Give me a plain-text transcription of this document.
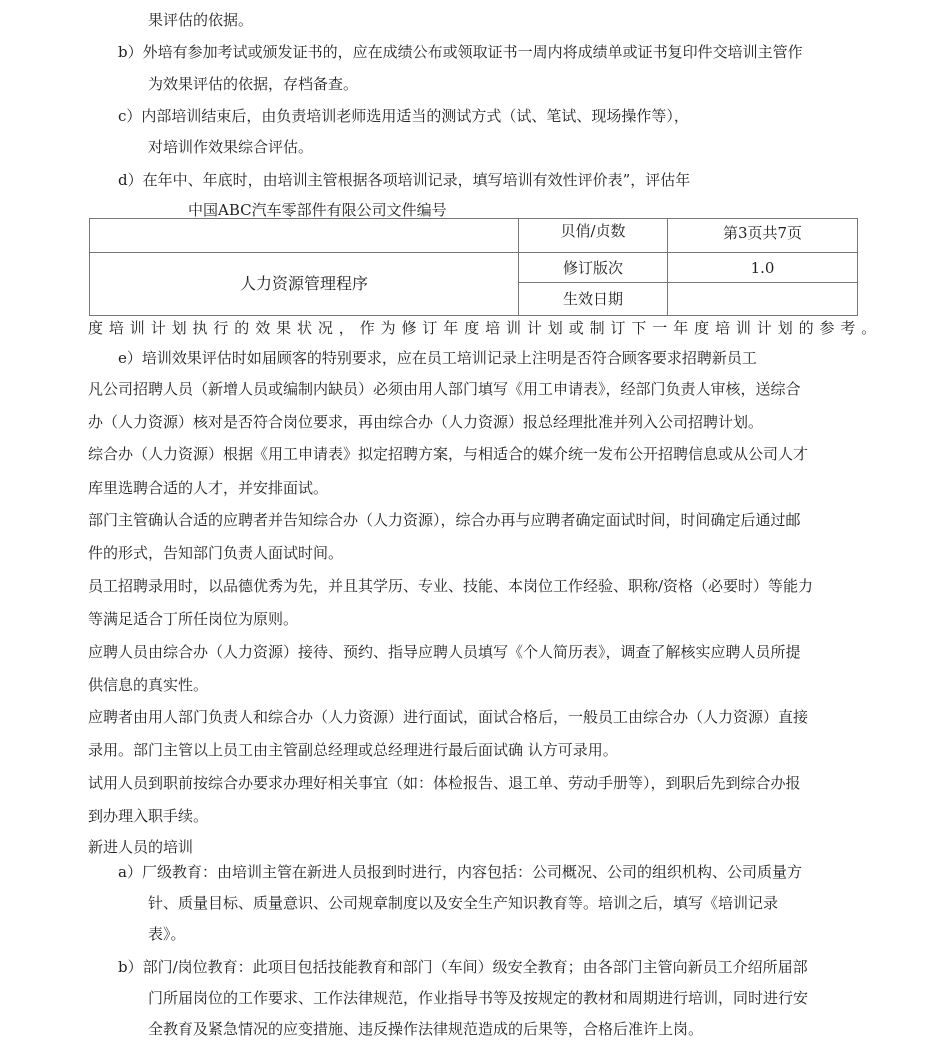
果评估的依据。
b）外培有参加考试或颁发证书的，应在成绩公布或领取证书一周内将成绩单或证书复印件交培训主管作
为效果评估的依据，存档备查。
c）内部培训结束后，由负责培训老师选用适当的测试方式（试、笔试、现场操作等），
对培训作效果综合评估。
d）在年中、年底时，由培训主管根据各项培训记录，填写培训有效性评价表”，评估年
中国ABC汽车零部件有限公司文件编号
贝俏/贞数	第3页共7页
人力资源管理程序
修订版次	1.0
生效日期
度培训计划执行的效果状况，作为修订年度培训计划或制订下一年度培训计划的参考。
e）培训效果评估时如届顾客的特别要求，应在员工培训记录上注明是否符合顾客要求招聘新员工
凡公司招聘人员（新增人员或编制内缺员）必须由用人部门填写《用工申请表》，经部门负责人审核，送综合
办（人力资源）核对是否符合岗位要求，再由综合办（人力资源）报总经理批准并列入公司招聘计划。
综合办（人力资源）根据《用工申请表》拟定招聘方案，与相适合的媒介统一发布公开招聘信息或从公司人才
库里选聘合适的人才，并安排面试。
部门主管确认合适的应聘者并告知综合办（人力资源），综合办再与应聘者确定面试时间，时间确定后通过邮
件的形式，告知部门负责人面试时间。
员工招聘录用时，以品德优秀为先，并且其学历、专业、技能、本岗位工作经验、职称/资格（必要时）等能力
等满足适合丁所任岗位为原则。
应聘人员由综合办（人力资源）接待、预约、指导应聘人员填写《个人简历表》，调查了解核实应聘人员所提
供信息的真实性。
应聘者由用人部门负责人和综合办（人力资源）进行面试，面试合格后，一般员工由综合办（人力资源）直接
录用。部门主管以上员工由主管副总经理或总经理进行最后面试确 认方可录用。
试用人员到职前按综合办要求办理好相关事宜（如：体检报告、退工单、劳动手册等），到职后先到综合办报
到办理入职手续。
新进人员的培训
a）厂级教育：由培训主管在新进人员报到时进行，内容包括：公司概况、公司的组织机构、公司质量方
针、质量目标、质量意识、公司规章制度以及安全生产知识教育等。培训之后，填写《培训记录
表》。
b）部门/岗位教育：此项目包括技能教育和部门（车间）级安全教育；由各部门主管向新员工介绍所届部
门所届岗位的工作要求、工作法律规范，作业指导书等及按规定的教材和周期进行培训，同时进行安
全教育及紧急情况的应变措施、违反操作法律规范造成的后果等，合格后准许上岗。
